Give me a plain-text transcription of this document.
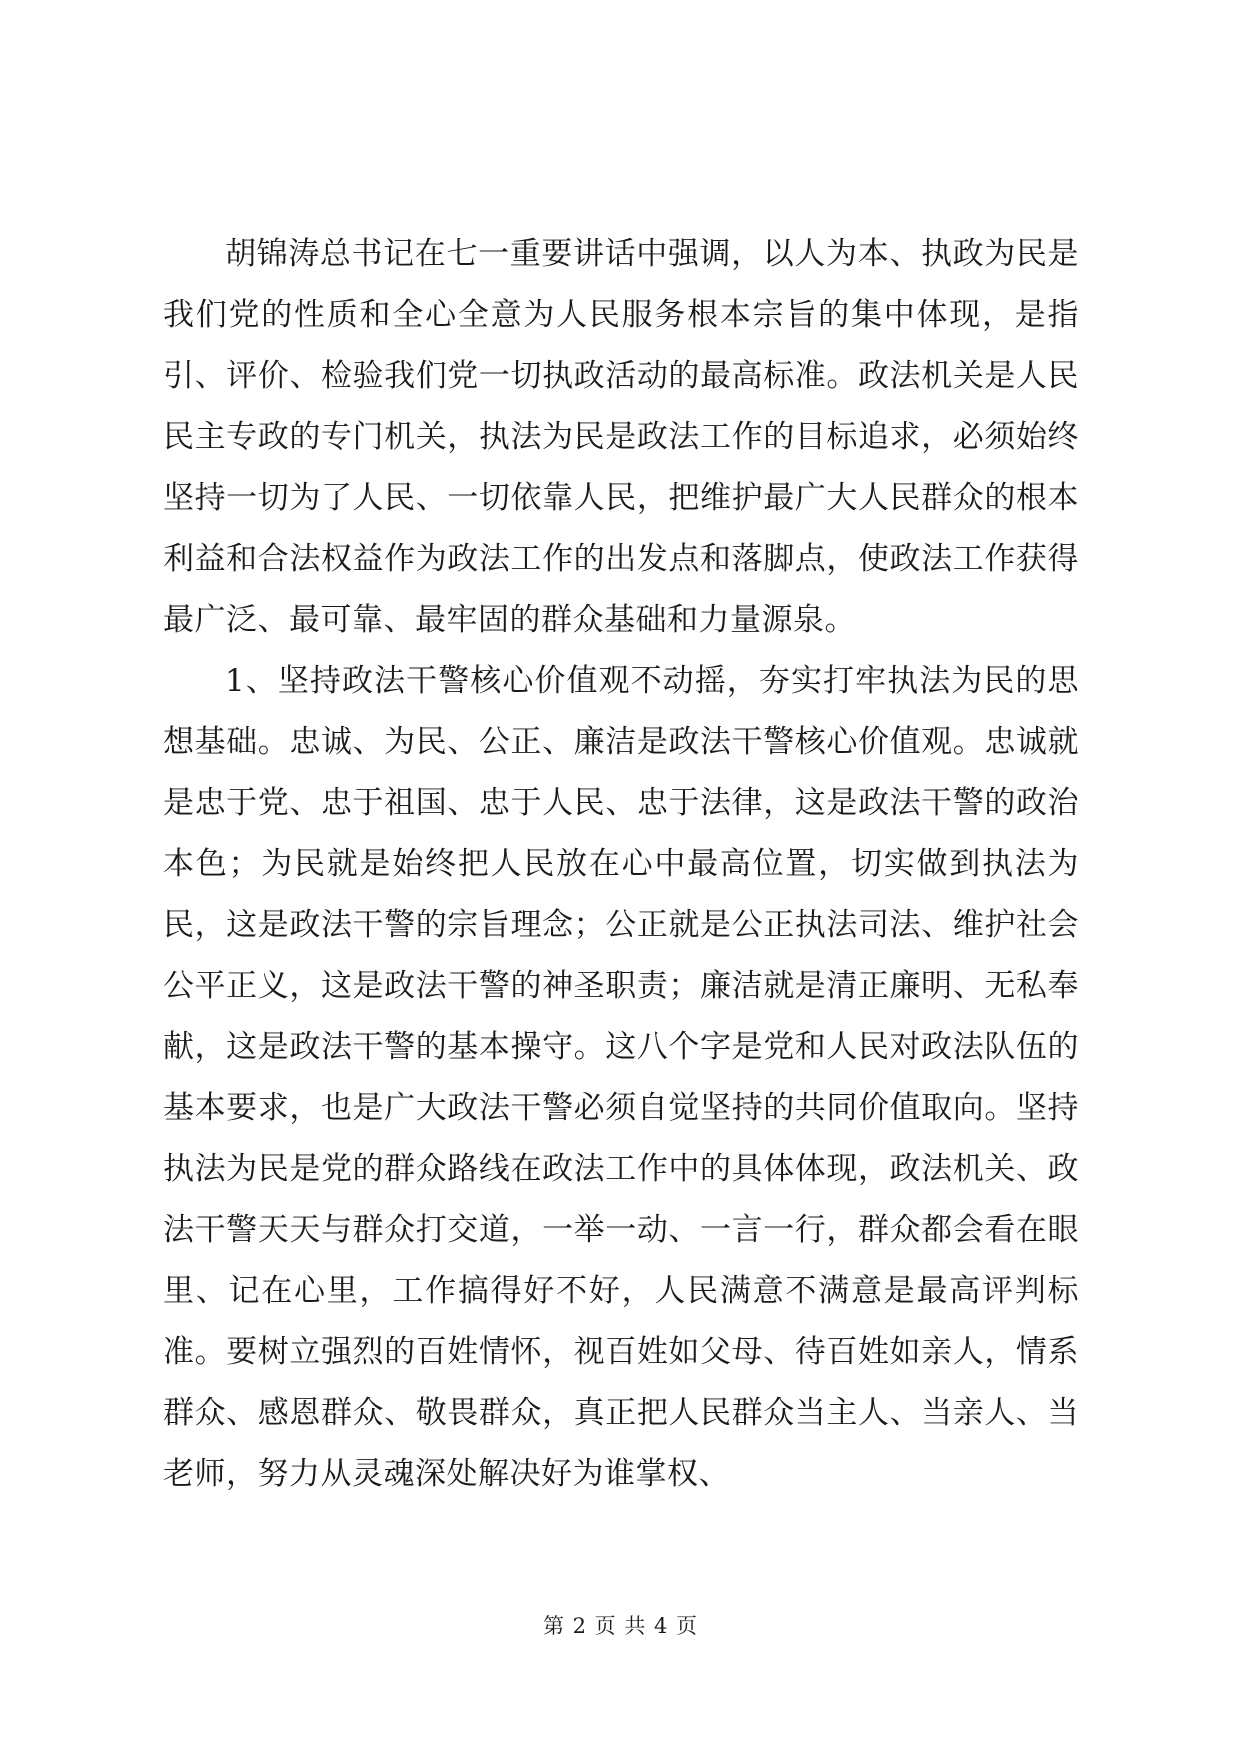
胡锦涛总书记在七一重要讲话中强调，以人为本、执政为民是我们党的性质和全心全意为人民服务根本宗旨的集中体现，是指引、评价、检验我们党一切执政活动的最高标准。政法机关是人民民主专政的专门机关，执法为民是政法工作的目标追求，必须始终坚持一切为了人民、一切依靠人民，把维护最广大人民群众的根本利益和合法权益作为政法工作的出发点和落脚点，使政法工作获得最广泛、最可靠、最牢固的群众基础和力量源泉。

1、坚持政法干警核心价值观不动摇，夯实打牢执法为民的思想基础。忠诚、为民、公正、廉洁是政法干警核心价值观。忠诚就是忠于党、忠于祖国、忠于人民、忠于法律，这是政法干警的政治本色；为民就是始终把人民放在心中最高位置，切实做到执法为民，这是政法干警的宗旨理念；公正就是公正执法司法、维护社会公平正义，这是政法干警的神圣职责；廉洁就是清正廉明、无私奉献，这是政法干警的基本操守。这八个字是党和人民对政法队伍的基本要求，也是广大政法干警必须自觉坚持的共同价值取向。坚持执法为民是党的群众路线在政法工作中的具体体现，政法机关、政法干警天天与群众打交道，一举一动、一言一行，群众都会看在眼里、记在心里，工作搞得好不好，人民满意不满意是最高评判标准。要树立强烈的百姓情怀，视百姓如父母、待百姓如亲人，情系群众、感恩群众、敬畏群众，真正把人民群众当主人、当亲人、当老师，努力从灵魂深处解决好为谁掌权、

第 2 页 共 4 页
